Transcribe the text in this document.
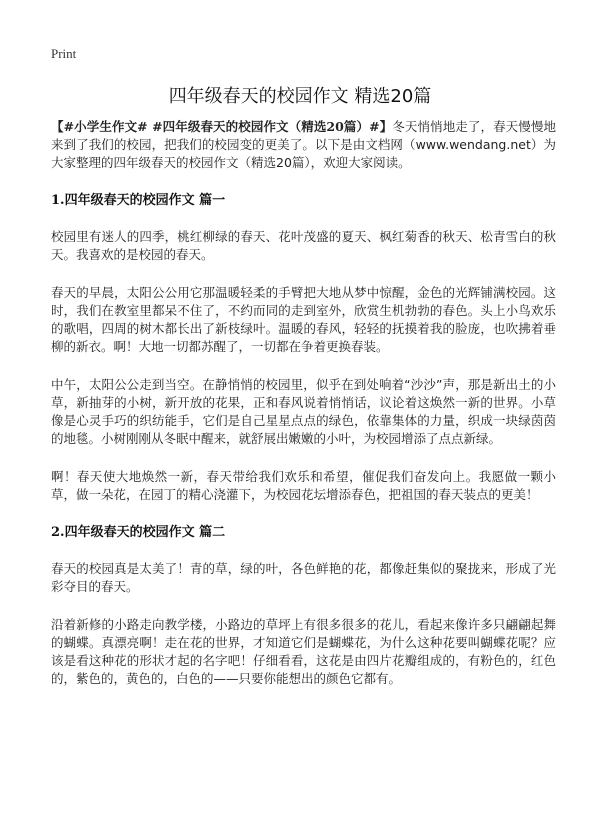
Print
四年级春天的校园作文 精选20篇

【#小学生作文# #四年级春天的校园作文（精选20篇）#】冬天悄悄地走了，春天慢慢地来到了我们的校园，把我们的校园变的更美了。以下是由文档网（www.wendang.net）为大家整理的四年级春天的校园作文（精选20篇），欢迎大家阅读。

1.四年级春天的校园作文 篇一

校园里有迷人的四季，桃红柳绿的春天、花叶茂盛的夏天、枫红菊香的秋天、松青雪白的秋天。我喜欢的是校园的春天。

春天的早晨，太阳公公用它那温暖轻柔的手臂把大地从梦中惊醒，金色的光辉铺满校园。这时，我们在教室里都呆不住了，不约而同的走到室外，欣赏生机勃勃的春色。头上小鸟欢乐的歌唱，四周的树木都长出了新枝绿叶。温暖的春风，轻轻的抚摸着我的脸庞，也吹拂着垂柳的新衣。啊！大地一切都苏醒了，一切都在争着更换春装。

中午，太阳公公走到当空。在静悄悄的校园里，似乎在到处响着“沙沙”声，那是新出土的小草，新抽芽的小树，新开放的花果，正和春风说着悄悄话，议论着这焕然一新的世界。小草像是心灵手巧的织纺能手，它们是自己星星点点的绿色，依靠集体的力量，织成一块绿茵茵的地毯。小树刚刚从冬眠中醒来，就舒展出嫩嫩的小叶，为校园增添了点点新绿。

啊！春天使大地焕然一新，春天带给我们欢乐和希望，催促我们奋发向上。我愿做一颗小草，做一朵花，在园丁的精心浇灌下，为校园花坛增添春色，把祖国的春天装点的更美！

2.四年级春天的校园作文 篇二

春天的校园真是太美了！青的草，绿的叶，各色鲜艳的花，都像赶集似的聚拢来，形成了光彩夺目的春天。

沿着新修的小路走向教学楼，小路边的草坪上有很多很多的花儿，看起来像许多只翩翩起舞的蝴蝶。真漂亮啊！走在花的世界，才知道它们是蝴蝶花，为什么这种花要叫蝴蝶花呢？应该是看这种花的形状才起的名字吧！仔细看看，这花是由四片花瓣组成的，有粉色的，红色的，紫色的，黄色的，白色的——只要你能想出的颜色它都有。
